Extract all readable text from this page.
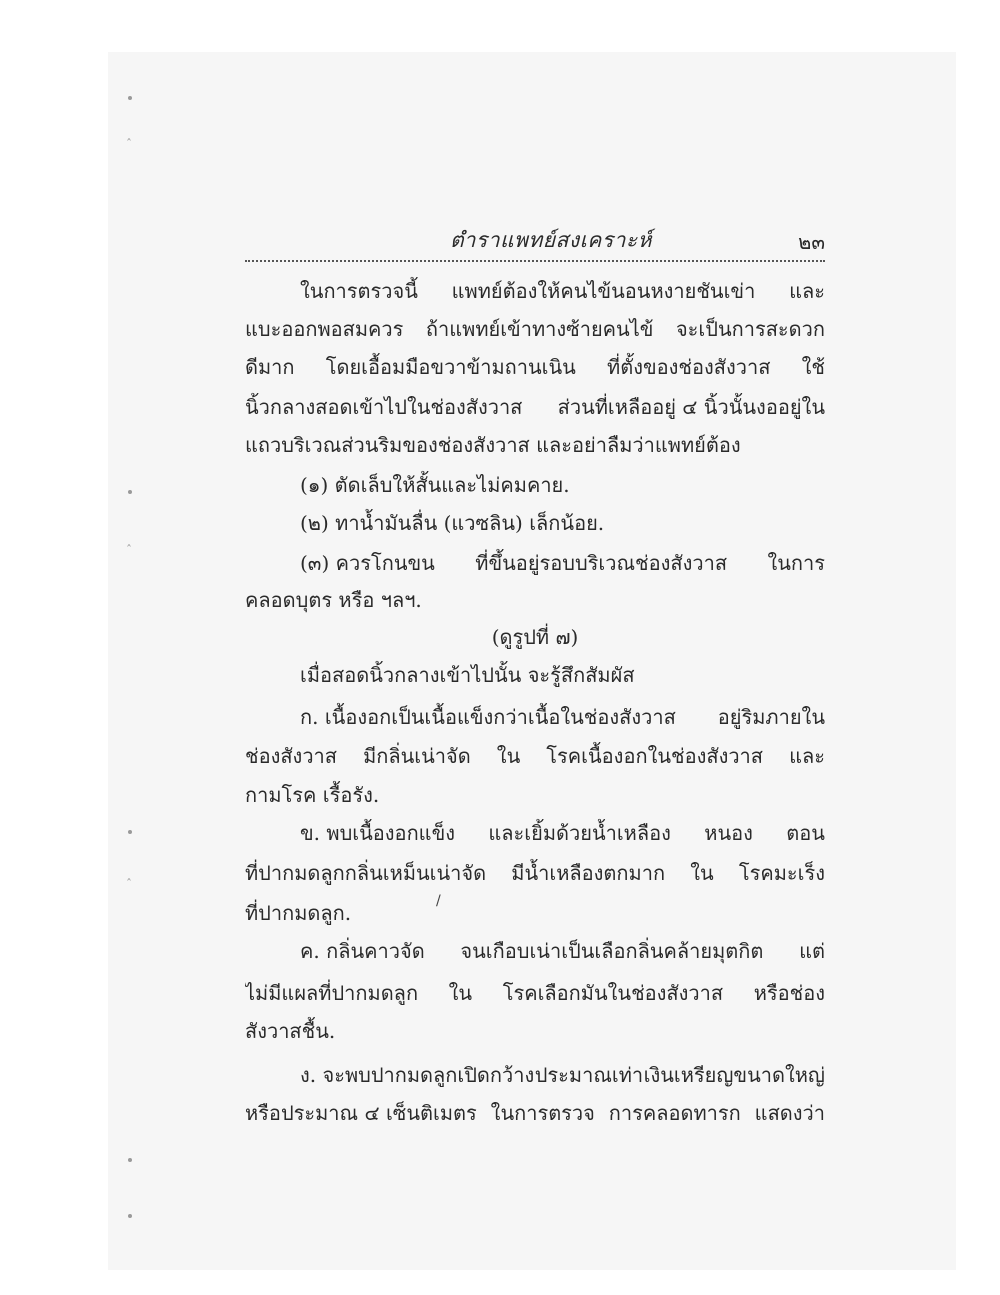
ˆ
ˆ
ˆ
ตำราแพทย์สงเคราะห์	๒๓
ในการตรวจนี้ แพทย์ต้องให้คนไข้นอนหงายชันเข่า และ
แบะออกพอสมควร ถ้าแพทย์เข้าทางซ้ายคนไข้ จะเป็นการสะดวก
ดีมาก โดยเอื้อมมือขวาข้ามถานเนิน ที่ตั้งของช่องสังวาส ใช้
นิ้วกลางสอดเข้าไปในช่องสังวาส ส่วนที่เหลืออยู่ ๔ นิ้วนั้นงออยู่ใน
แถวบริเวณส่วนริมของช่องสังวาส และอย่าลืมว่าแพทย์ต้อง
(๑) ตัดเล็บให้สั้นและไม่คมคาย.
(๒) ทาน้ำมันลื่น (แวซลิน) เล็กน้อย.
(๓) ควรโกนขน ที่ขึ้นอยู่รอบบริเวณช่องสังวาส ในการ
คลอดบุตร หรือ ฯลฯ.
(ดูรูปที่ ๗)
เมื่อสอดนิ้วกลางเข้าไปนั้น จะรู้สึกสัมผัส
ก. เนื้องอกเป็นเนื้อแข็งกว่าเนื้อในช่องสังวาส อยู่ริมภายใน
ช่องสังวาส มีกลิ่นเน่าจัด ใน โรคเนื้องอกในช่องสังวาส และ
กามโรค เรื้อรัง.
ข. พบเนื้องอกแข็ง และเยิ้มด้วยน้ำเหลือง หนอง ตอน
ที่ปากมดลูกกลิ่นเหม็นเน่าจัด มีน้ำเหลืองตกมาก ใน โรคมะเร็ง
ที่ปากมดลูก.	/
ค. กลิ่นคาวจัด จนเกือบเน่าเป็นเลือกลิ่นคล้ายมุตกิต แต่
ไม่มีแผลที่ปากมดลูก ใน โรคเลือกมันในช่องสังวาส หรือช่อง
สังวาสชื้น.
ง. จะพบปากมดลูกเปิดกว้าง ประมาณเท่า เงินเหรียญขนาดใหญ่
หรือประมาณ ๔ เซ็นติเมตร ในการตรวจ การคลอดทารก แสดงว่า
